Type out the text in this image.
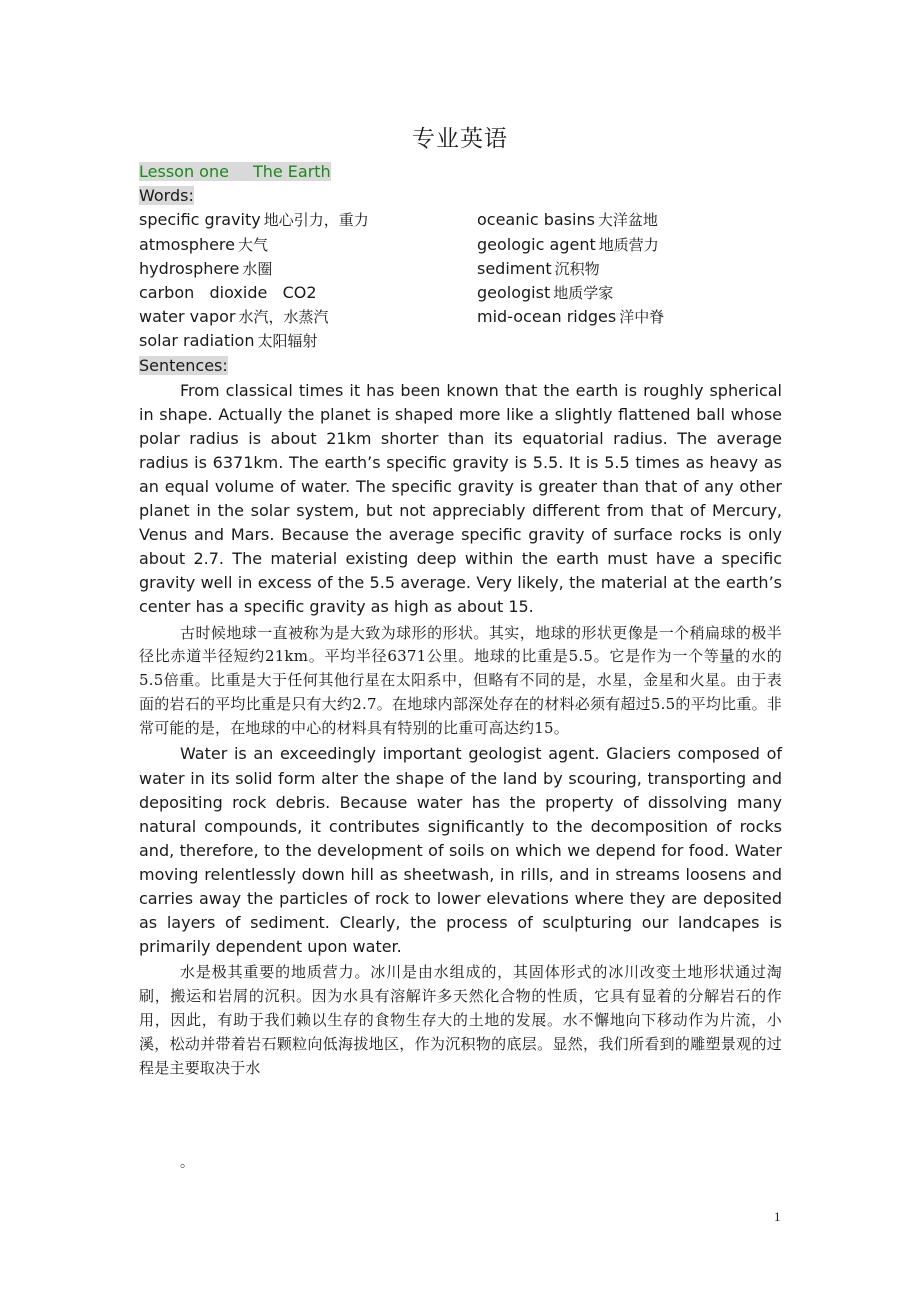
专业英语
Lesson one The Earth
Words:
specific gravity 地心引力，重力
atmosphere 大气
hydrosphere 水圈
carbon   dioxide   CO2
water vapor 水汽，水蒸汽
solar radiation 太阳辐射
oceanic basins 大洋盆地
geologic agent 地质营力
sediment 沉积物
geologist 地质学家
mid-ocean ridges 洋中脊
Sentences:

From classical times it has been known that the earth is roughly spherical in shape. Actually the planet is shaped more like a slightly flattened ball whose polar radius is about 21km shorter than its equatorial radius. The average radius is 6371km. The earth’s specific gravity is 5.5. It is 5.5 times as heavy as an equal volume of water. The specific gravity is greater than that of any other planet in the solar system, but not appreciably different from that of Mercury, Venus and Mars. Because the average specific gravity of surface rocks is only about 2.7. The material existing deep within the earth must have a specific gravity well in excess of the 5.5 average. Very likely, the material at the earth’s center has a specific gravity as high as about 15.

古时候地球一直被称为是大致为球形的形状。其实，地球的形状更像是一个稍扁球的极半径比赤道半径短约21km。平均半径6371公里。地球的比重是5.5。它是作为一个等量的水的5.5倍重。比重是大于任何其他行星在太阳系中，但略有不同的是，水星，金星和火星。由于表面的岩石的平均比重是只有大约2.7。在地球内部深处存在的材料必须有超过5.5的平均比重。非常可能的是，在地球的中心的材料具有特别的比重可高达约15。

Water is an exceedingly important geologist agent. Glaciers composed of water in its solid form alter the shape of the land by scouring, transporting and depositing rock debris. Because water has the property of dissolving many natural compounds, it contributes significantly to the decomposition of rocks and, therefore, to the development of soils on which we depend for food. Water moving relentlessly down hill as sheetwash, in rills, and in streams loosens and carries away the particles of rock to lower elevations where they are deposited as layers of sediment. Clearly, the process of sculpturing our landcapes is primarily dependent upon water.

水是极其重要的地质营力。冰川是由水组成的，其固体形式的冰川改变土地形状通过淘刷，搬运和岩屑的沉积。因为水具有溶解许多天然化合物的性质，它具有显着的分解岩石的作用，因此，有助于我们赖以生存的食物生存大的土地的发展。水不懈地向下移动作为片流，小溪，松动并带着岩石颗粒向低海拔地区，作为沉积物的底层。显然，我们所看到的雕塑景观的过程是主要取决于水

。
1
